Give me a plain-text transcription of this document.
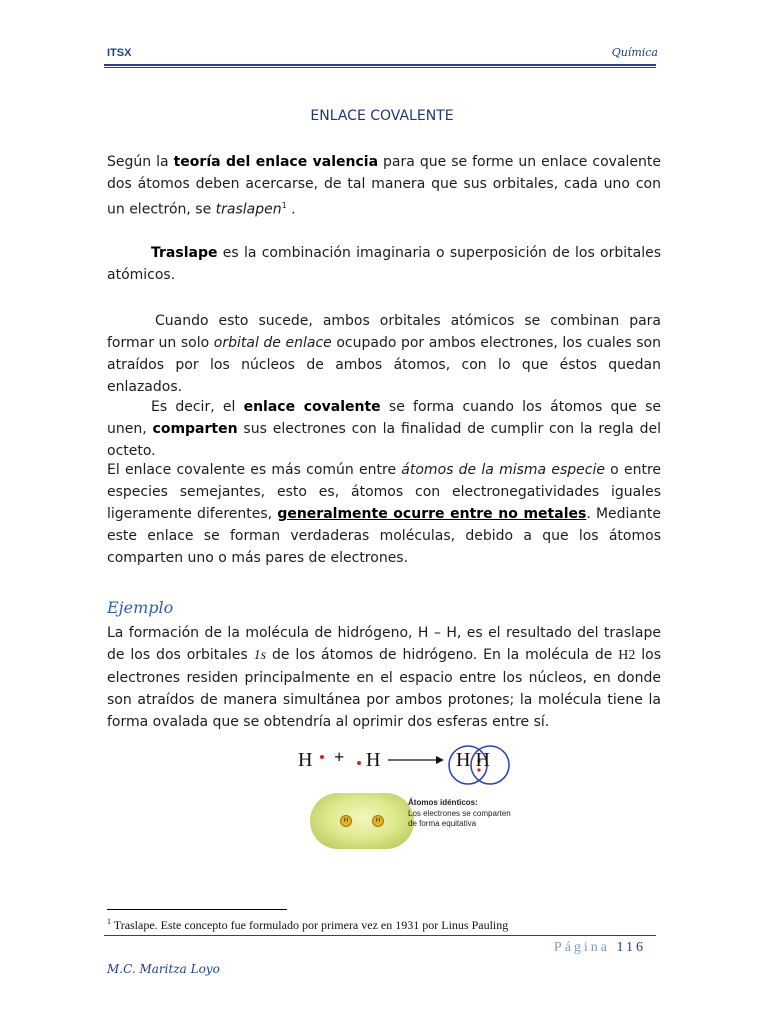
ITSX	Química
ENLACE COVALENTE
Según la teoría del enlace valencia para que se forme un enlace covalente dos átomos deben acercarse, de tal manera que sus orbitales, cada uno con un electrón, se traslapen$^1$ .
Traslape es la combinación imaginaria o superposición de los orbitales atómicos.
Cuando esto sucede, ambos orbitales atómicos se combinan para formar un solo orbital de enlace ocupado por ambos electrones, los cuales son atraídos por los núcleos de ambos átomos, con lo que éstos quedan enlazados.
Es decir, el enlace covalente se forma cuando los átomos que se unen, comparten sus electrones con la finalidad de cumplir con la regla del octeto.
El enlace covalente es más común entre átomos de la misma especie o entre especies semejantes, esto es, átomos con electronegatividades iguales ligeramente diferentes, generalmente ocurre entre no metales. Mediante este enlace se forman verdaderas moléculas, debido a que los átomos comparten uno o más pares de electrones.
Ejemplo
La formación de la molécula de hidrógeno, H – H, es el resultado del traslape de los dos orbitales 1s de los átomos de hidrógeno. En la molécula de H2 los electrones residen principalmente en el espacio entre los núcleos, en donde son atraídos de manera simultánea por ambos protones; la molécula tiene la forma ovalada que se obtendría al oprimir dos esferas entre sí.
H + H → H H
H	H
Átomos idénticos:
Los electrones se comparten de forma equitativa
$^1$ Traslape. Este concepto fue formulado por primera vez en 1931 por Linus Pauling
Página 116
M.C. Maritza Loyo
